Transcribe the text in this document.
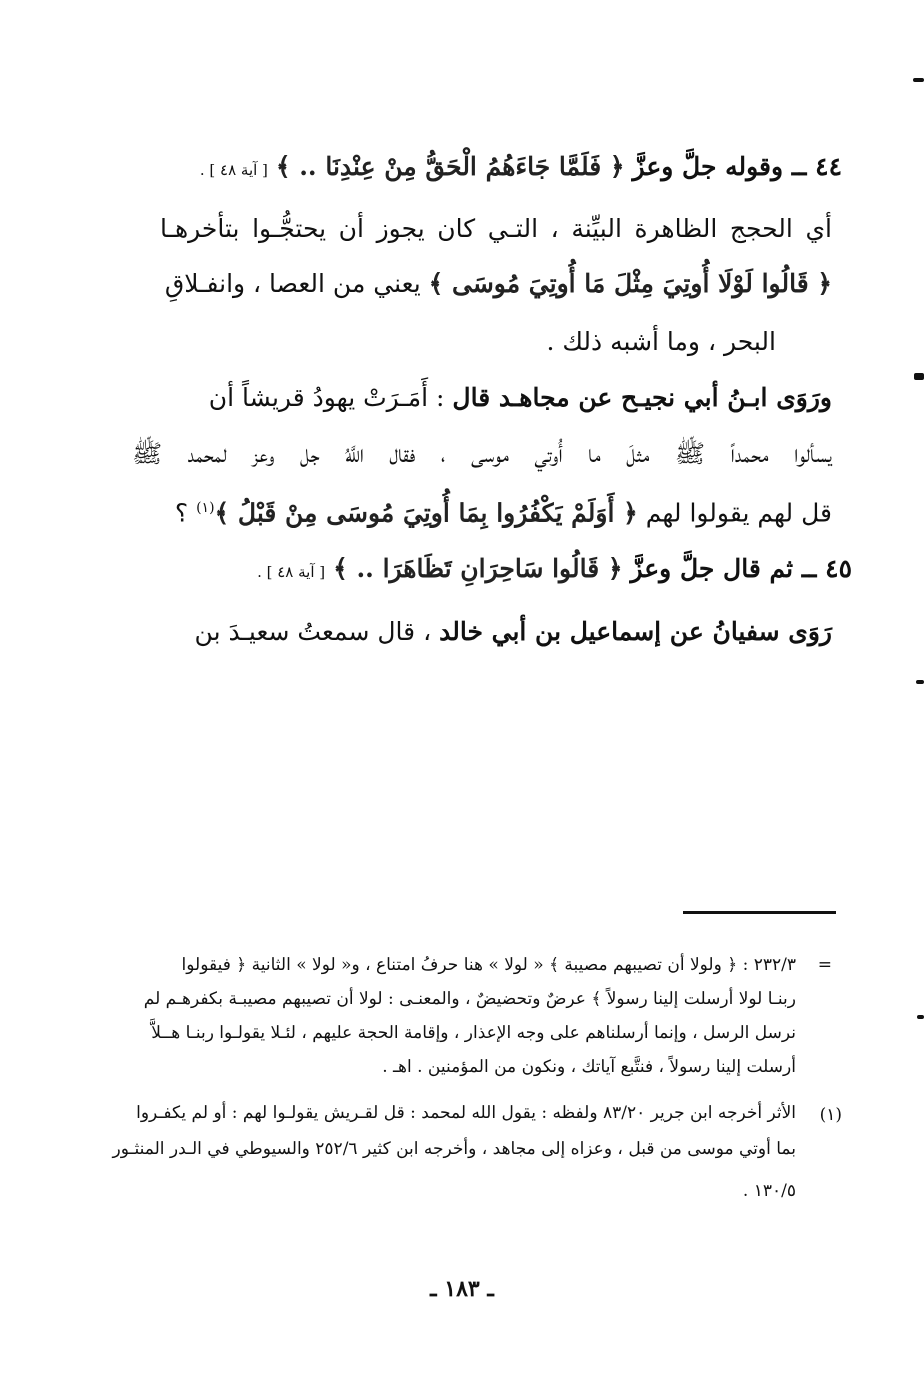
٤٤ ــ وقوله جلَّ وعزَّ ﴿ فَلَمَّا جَاءَهُمُ الْحَقُّ مِنْ عِنْدِنَا .. ﴾ [ آية ٤٨ ] .
أي الحجج الظاهرة البيِّنة ، التـي كان يجوز أن يحتجُّـوا بتأخرهـا
﴿ قَالُوا لَوْلَا أُوتِيَ مِثْلَ مَا أُوتِيَ مُوسَى ﴾ يعني من العصا ، وانفـلاقِ
البحر ، وما أشبه ذلك .
ورَوَى ابـنُ أبي نجيـح عن مجاهـد قال : أَمَـرَتْ يهودُ قريشاً أن
يسألوا محمداً ﷺ مثلَ ما أُوتي موسى ، فقال اللَّهُ جل وعز لمحمد ﷺ
قل لهم يقولوا لهم ﴿ أَوَلَمْ يَكْفُرُوا بِمَا أُوتِيَ مُوسَى مِنْ قَبْلُ ﴾$^{(١)}$ ؟
٤٥ ــ ثم قال جلَّ وعزَّ ﴿ قَالُوا سَاحِرَانِ تَظَاهَرَا .. ﴾ [ آية ٤٨ ] .
رَوَى سفيانُ عن إسماعيل بن أبي خالد ، قال سمعتُ سعيـدَ بن
=
٢٣٢/٣ : ﴿ ولولا أن تصيبهم مصيبة ﴾ « لولا » هنا حرفُ امتناع ، و« لولا » الثانية ﴿ فيقولوا
ربنـا لولا أرسلت إلينا رسولاً ﴾ عرضٌ وتحضيضٌ ، والمعنـى : لولا أن تصيبهم مصيبـة بكفرهـم لم
نرسل الرسل ، وإنما أرسلناهم على وجه الإعذار ، وإقامة الحجة عليهم ، لئـلا يقولـوا ربنـا هــلاَّ
أرسلت إلينا رسولاً ، فنتَّبع آياتك ، ونكون من المؤمنين . اهـ .
(١)
الأثر أخرجه ابن جرير ٨٣/٢٠ ولفظه : يقول الله لمحمد : قل لقـريش يقولـوا لهم : أو لم يكفـروا
بما أوتي موسى من قبل ، وعزاه إلى مجاهد ، وأخرجه ابن كثير ٢٥٢/٦ والسيوطي في الـدر المنثـور
١٣٠/٥ .
ـ ١٨٣ ـ
